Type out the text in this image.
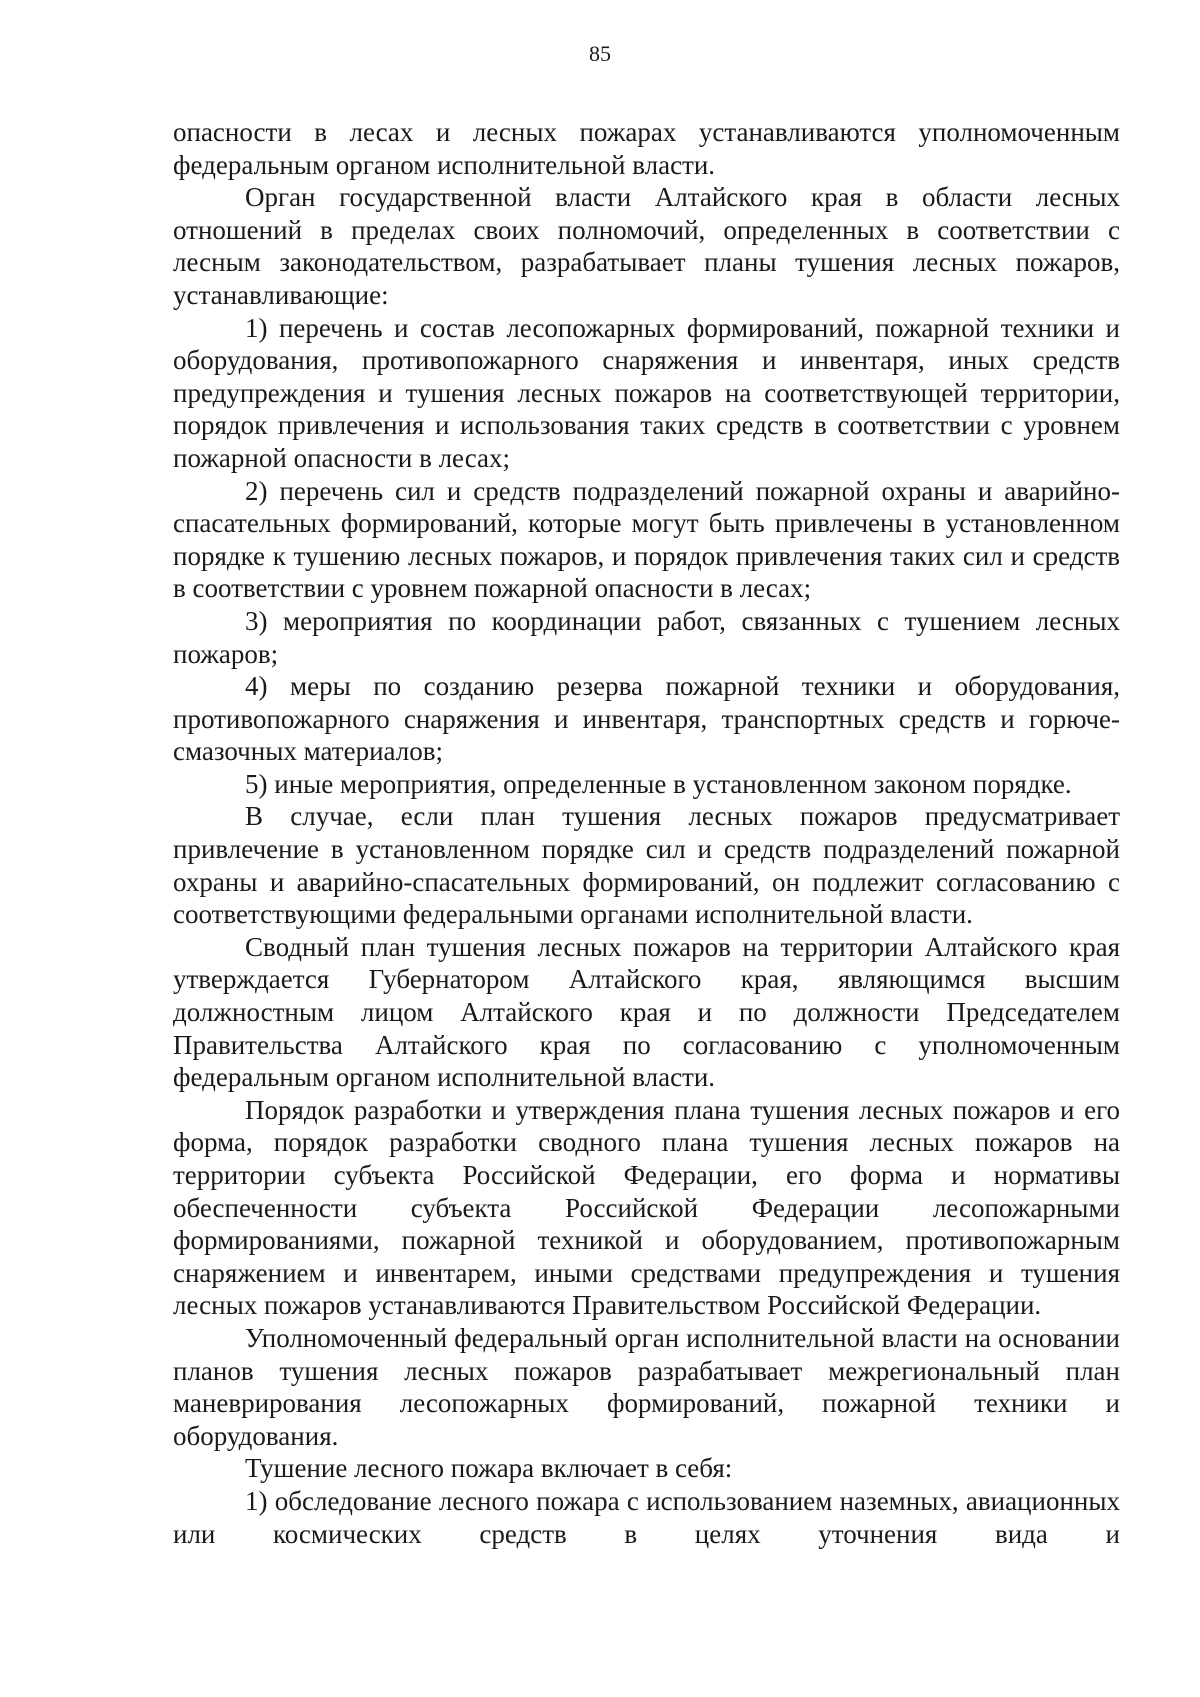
85

опасности в лесах и лесных пожарах устанавливаются уполномоченным федеральным органом исполнительной власти.

Орган государственной власти Алтайского края в области лесных отношений в пределах своих полномочий, определенных в соответствии с лесным законодательством, разрабатывает планы тушения лесных пожаров, устанавливающие:

1) перечень и состав лесопожарных формирований, пожарной техники и оборудования, противопожарного снаряжения и инвентаря, иных средств предупреждения и тушения лесных пожаров на соответствующей территории, порядок привлечения и использования таких средств в соответствии с уровнем пожарной опасности в лесах;

2) перечень сил и средств подразделений пожарной охраны и аварийно-спасательных формирований, которые могут быть привлечены в установленном порядке к тушению лесных пожаров, и порядок привлечения таких сил и средств в соответствии с уровнем пожарной опасности в лесах;

3) мероприятия по координации работ, связанных с тушением лесных пожаров;

4) меры по созданию резерва пожарной техники и оборудования, противопожарного снаряжения и инвентаря, транспортных средств и горюче-смазочных материалов;

5) иные мероприятия, определенные в установленном законом порядке.

В случае, если план тушения лесных пожаров предусматривает привлечение в установленном порядке сил и средств подразделений пожарной охраны и аварийно-спасательных формирований, он подлежит согласованию с соответствующими федеральными органами исполнительной власти.

Сводный план тушения лесных пожаров на территории Алтайского края утверждается Губернатором Алтайского края, являющимся высшим должностным лицом Алтайского края и по должности Председателем Правительства Алтайского края по согласованию с уполномоченным федеральным органом исполнительной власти.

Порядок разработки и утверждения плана тушения лесных пожаров и его форма, порядок разработки сводного плана тушения лесных пожаров на территории субъекта Российской Федерации, его форма и нормативы обеспеченности субъекта Российской Федерации лесопожарными формированиями, пожарной техникой и оборудованием, противопожарным снаряжением и инвентарем, иными средствами предупреждения и тушения лесных пожаров устанавливаются Правительством Российской Федерации.

Уполномоченный федеральный орган исполнительной власти на основании планов тушения лесных пожаров разрабатывает межрегиональный план маневрирования лесопожарных формирований, пожарной техники и оборудования.

Тушение лесного пожара включает в себя:

1) обследование лесного пожара с использованием наземных, авиационных или космических средств в целях уточнения вида и
